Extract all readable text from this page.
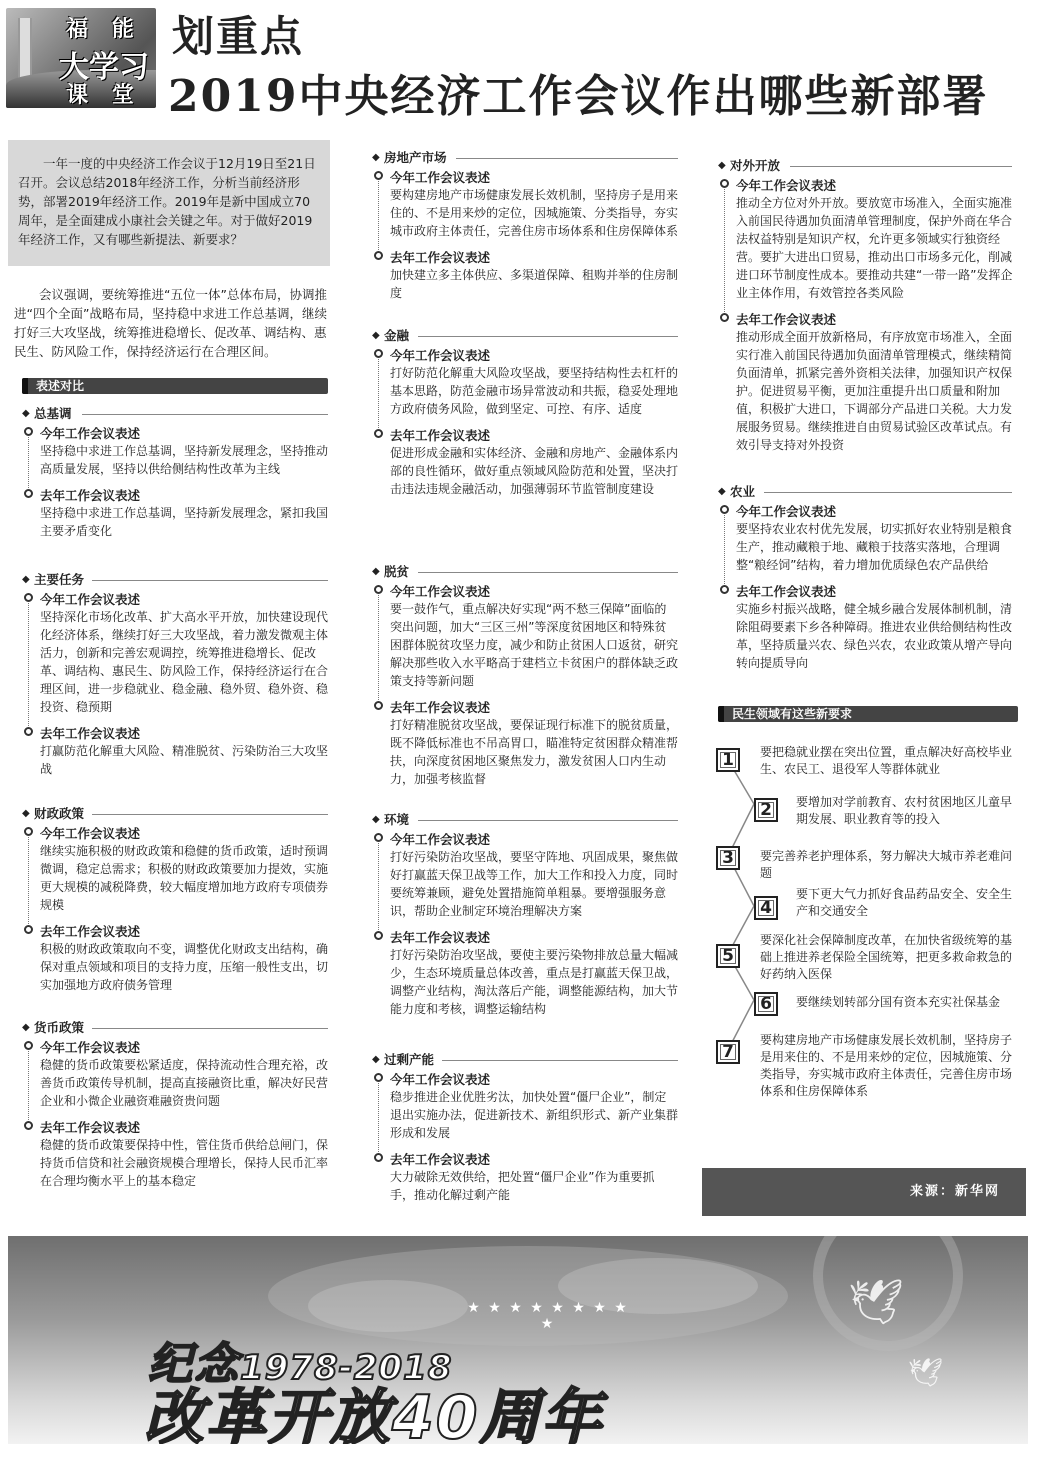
福 能
大学习
课 堂
划重点
2019中央经济工作会议作出哪些新部署
一年一度的中央经济工作会议于12月19日至21日召开。会议总结2018年经济工作，分析当前经济形势，部署2019年经济工作。2019年是新中国成立70周年，是全面建成小康社会关键之年。对于做好2019年经济工作，又有哪些新提法、新要求？
会议强调，要统筹推进“五位一体”总体布局，协调推进“四个全面”战略布局，坚持稳中求进工作总基调，继续打好三大攻坚战，统筹推进稳增长、促改革、调结构、惠民生、防风险工作，保持经济运行在合理区间。
表述对比
◆ 总基调
今年工作会议表述
坚持稳中求进工作总基调，坚持新发展理念，坚持推动高质量发展，坚持以供给侧结构性改革为主线
去年工作会议表述
坚持稳中求进工作总基调，坚持新发展理念，紧扣我国主要矛盾变化
◆ 主要任务
今年工作会议表述
坚持深化市场化改革、扩大高水平开放，加快建设现代化经济体系，继续打好三大攻坚战，着力激发微观主体活力，创新和完善宏观调控，统筹推进稳增长、促改革、调结构、惠民生、防风险工作，保持经济运行在合理区间，进一步稳就业、稳金融、稳外贸、稳外资、稳投资、稳预期
去年工作会议表述
打赢防范化解重大风险、精准脱贫、污染防治三大攻坚战
◆ 财政政策
今年工作会议表述
继续实施积极的财政政策和稳健的货币政策，适时预调微调，稳定总需求；积极的财政政策要加力提效，实施更大规模的减税降费，较大幅度增加地方政府专项债券规模
去年工作会议表述
积极的财政政策取向不变，调整优化财政支出结构，确保对重点领域和项目的支持力度，压缩一般性支出，切实加强地方政府债务管理
◆ 货币政策
今年工作会议表述
稳健的货币政策要松紧适度，保持流动性合理充裕，改善货币政策传导机制，提高直接融资比重，解决好民营企业和小微企业融资难融资贵问题
去年工作会议表述
稳健的货币政策要保持中性，管住货币供给总闸门，保持货币信贷和社会融资规模合理增长，保持人民币汇率在合理均衡水平上的基本稳定
◆ 房地产市场
今年工作会议表述
要构建房地产市场健康发展长效机制，坚持房子是用来住的、不是用来炒的定位，因城施策、分类指导，夯实城市政府主体责任，完善住房市场体系和住房保障体系
去年工作会议表述
加快建立多主体供应、多渠道保障、租购并举的住房制度
◆ 金融
今年工作会议表述
打好防范化解重大风险攻坚战，要坚持结构性去杠杆的基本思路，防范金融市场异常波动和共振，稳妥处理地方政府债务风险，做到坚定、可控、有序、适度
去年工作会议表述
促进形成金融和实体经济、金融和房地产、金融体系内部的良性循环，做好重点领域风险防范和处置，坚决打击违法违规金融活动，加强薄弱环节监管制度建设
◆ 脱贫
今年工作会议表述
要一鼓作气，重点解决好实现“两不愁三保障”面临的突出问题，加大“三区三州”等深度贫困地区和特殊贫困群体脱贫攻坚力度，减少和防止贫困人口返贫，研究解决那些收入水平略高于建档立卡贫困户的群体缺乏政策支持等新问题
去年工作会议表述
打好精准脱贫攻坚战，要保证现行标准下的脱贫质量，既不降低标准也不吊高胃口，瞄准特定贫困群众精准帮扶，向深度贫困地区聚焦发力，激发贫困人口内生动力，加强考核监督
◆ 环境
今年工作会议表述
打好污染防治攻坚战，要坚守阵地、巩固成果，聚焦做好打赢蓝天保卫战等工作，加大工作和投入力度，同时要统筹兼顾，避免处置措施简单粗暴。要增强服务意识，帮助企业制定环境治理解决方案
去年工作会议表述
打好污染防治攻坚战，要使主要污染物排放总量大幅减少，生态环境质量总体改善，重点是打赢蓝天保卫战，调整产业结构，淘汰落后产能，调整能源结构，加大节能力度和考核，调整运输结构
◆ 过剩产能
今年工作会议表述
稳步推进企业优胜劣汰，加快处置“僵尸企业”，制定退出实施办法，促进新技术、新组织形式、新产业集群形成和发展
去年工作会议表述
大力破除无效供给，把处置“僵尸企业”作为重要抓手，推动化解过剩产能
◆ 对外开放
今年工作会议表述
推动全方位对外开放。要放宽市场准入，全面实施准入前国民待遇加负面清单管理制度，保护外商在华合法权益特别是知识产权，允许更多领域实行独资经营。要扩大进出口贸易，推动出口市场多元化，削减进口环节制度性成本。要推动共建“一带一路”发挥企业主体作用，有效管控各类风险
去年工作会议表述
推动形成全面开放新格局，有序放宽市场准入，全面实行准入前国民待遇加负面清单管理模式，继续精简负面清单，抓紧完善外资相关法律，加强知识产权保护。促进贸易平衡，更加注重提升出口质量和附加值，积极扩大进口，下调部分产品进口关税。大力发展服务贸易。继续推进自由贸易试验区改革试点。有效引导支持对外投资
◆ 农业
今年工作会议表述
要坚持农业农村优先发展，切实抓好农业特别是粮食生产，推动藏粮于地、藏粮于技落实落地，合理调整“粮经饲”结构，着力增加优质绿色农产品供给
去年工作会议表述
实施乡村振兴战略，健全城乡融合发展体制机制，清除阻碍要素下乡各种障碍。推进农业供给侧结构性改革，坚持质量兴农、绿色兴农，农业政策从增产导向转向提质导向
民生领域有这些新要求
1	要把稳就业摆在突出位置，重点解决好高校毕业生、农民工、退役军人等群体就业
2	要增加对学前教育、农村贫困地区儿童早期发展、职业教育等的投入
3	要完善养老护理体系，努力解决大城市养老难问题
4
要下更大气力抓好食品药品安全、安全生产和交通安全
5
要深化社会保障制度改革，在加快省级统筹的基础上推进养老保险全国统筹，把更多救命救急的好药纳入医保
6	要继续划转部分国有资本充实社保基金
7
要构建房地产市场健康发展长效机制，坚持房子是用来住的、不是用来炒的定位，因城施策、分类指导，夯实城市政府主体责任，完善住房市场体系和住房保障体系
来源：新华网
★ ★ ★ ★ ★ ★ ★ ★ ★	🕊
🕊
纪念1978-2018
改革开放40周年
